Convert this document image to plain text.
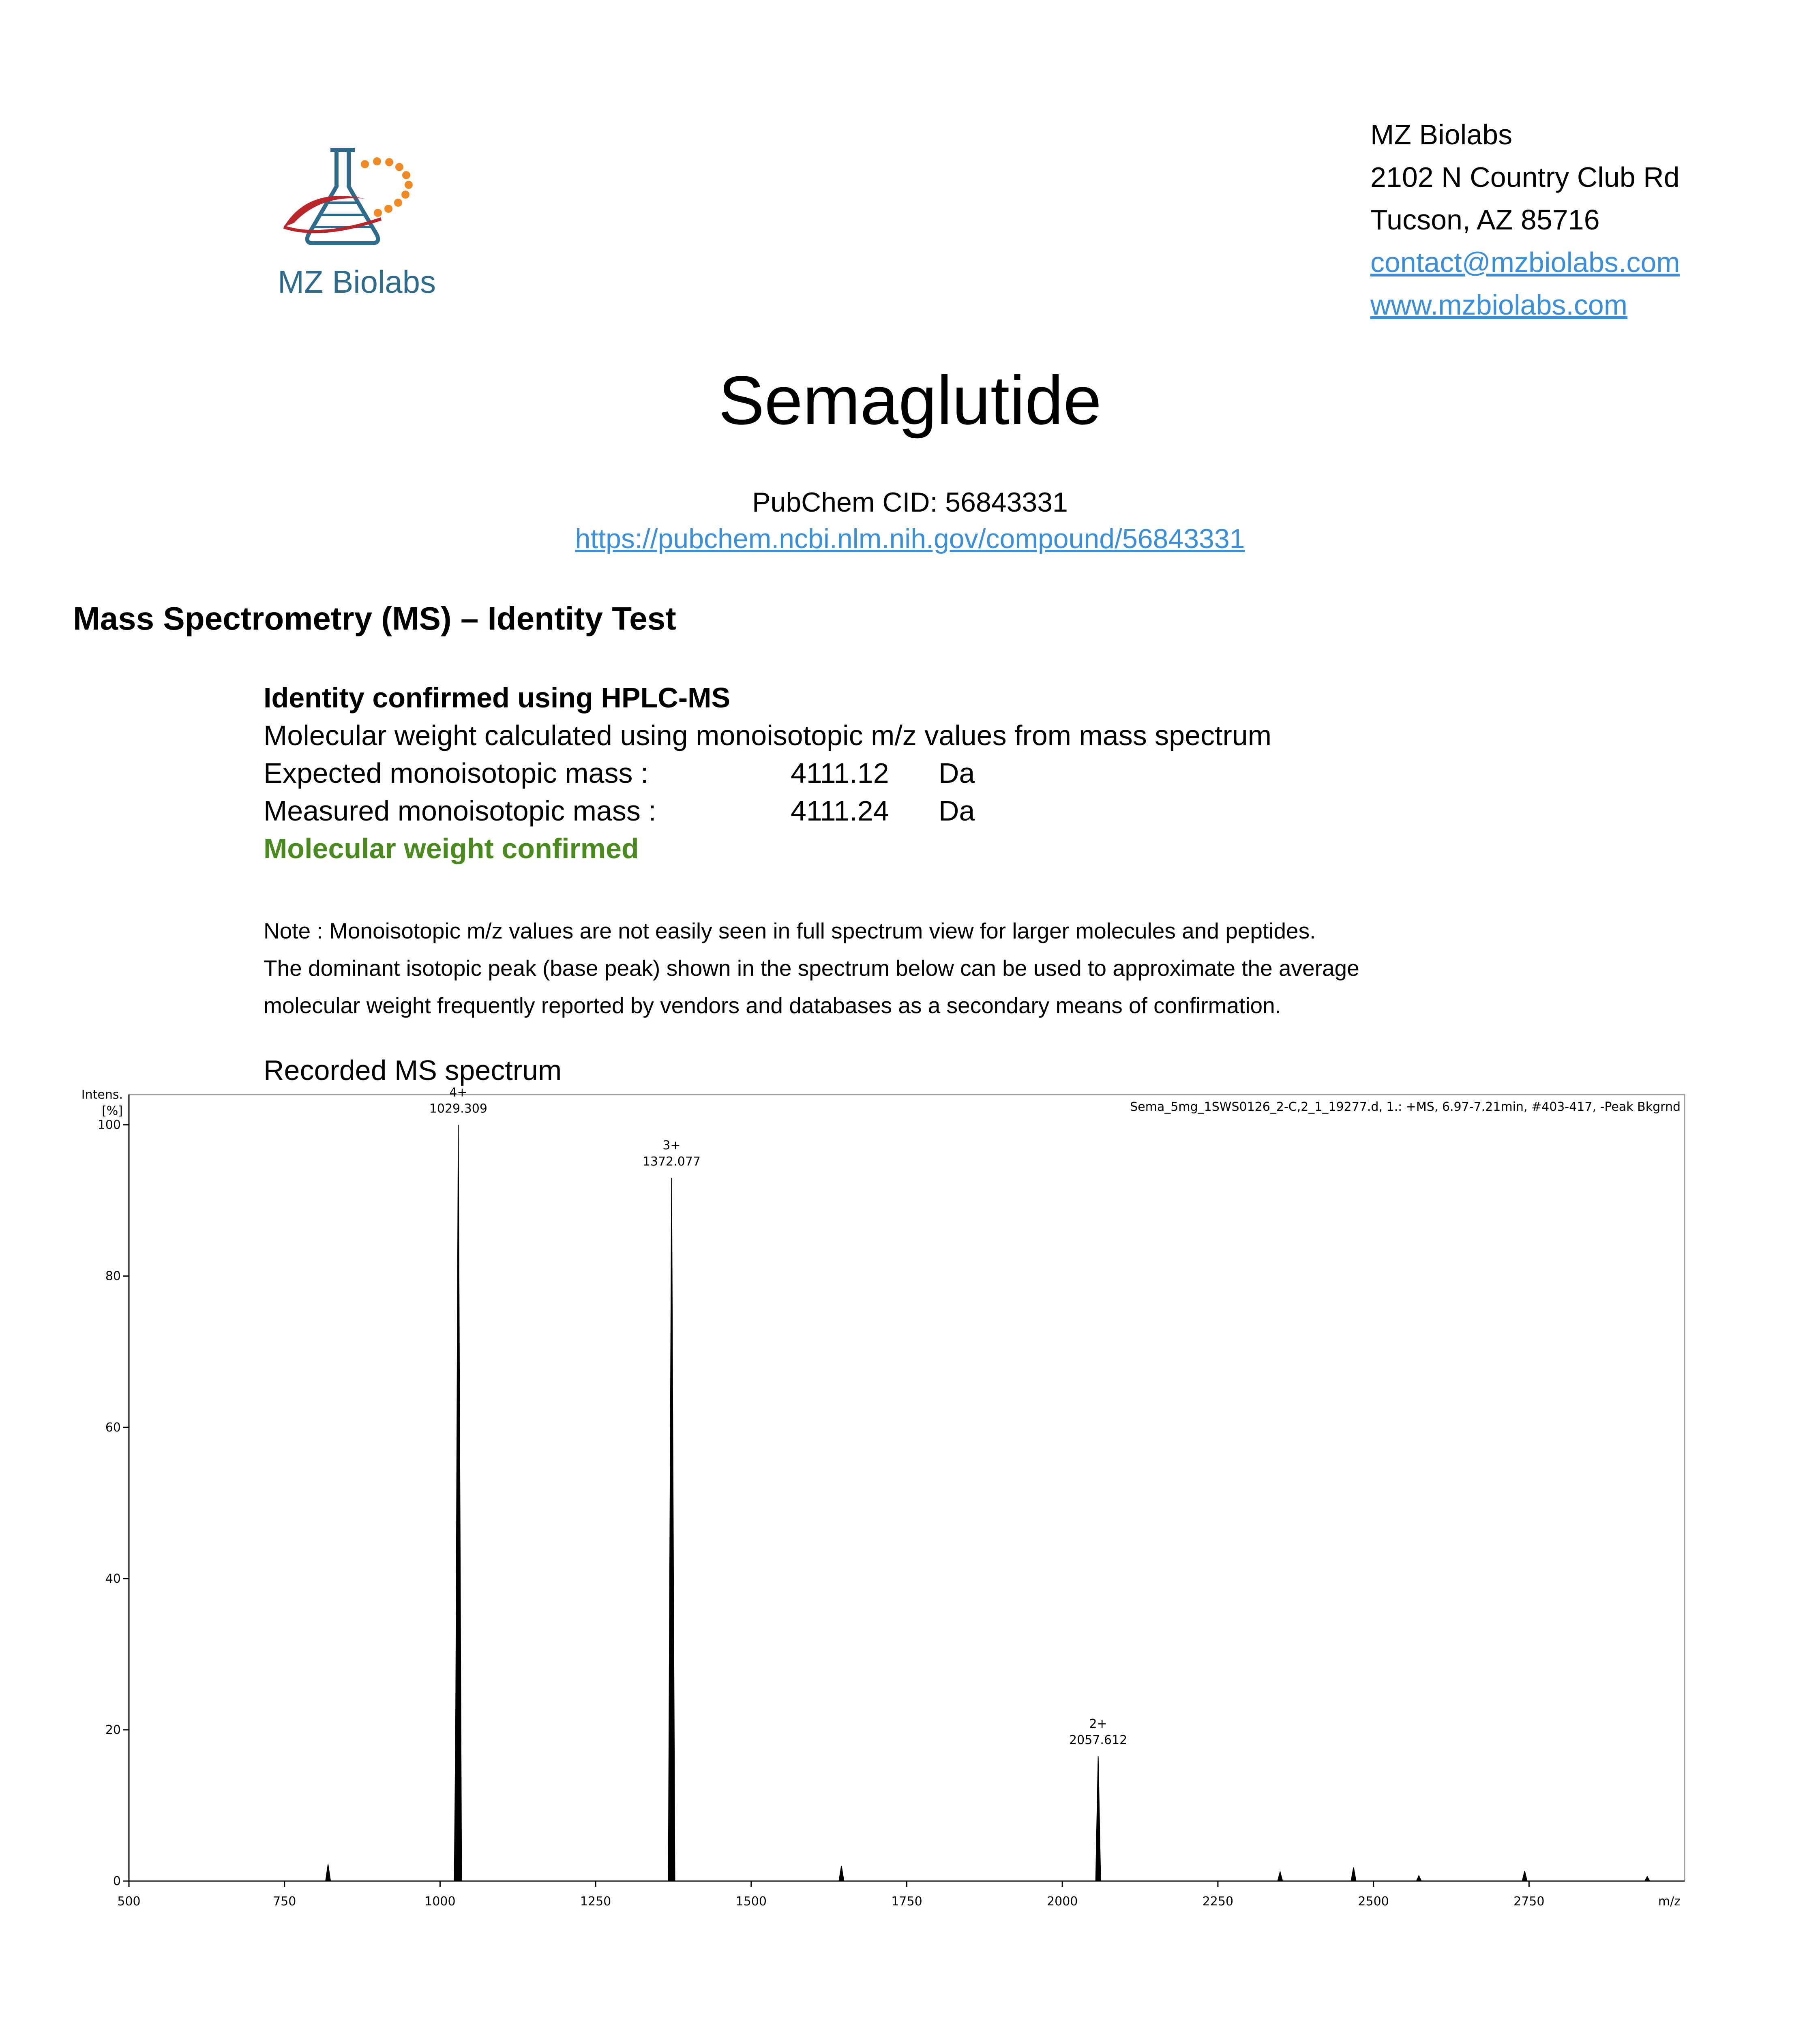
MZ Biolabs
MZ Biolabs
2102 N Country Club Rd
Tucson, AZ 85716
contact@mzbiolabs.com
www.mzbiolabs.com
Semaglutide
PubChem CID: 56843331
https://pubchem.ncbi.nlm.nih.gov/compound/56843331
Mass Spectrometry (MS) – Identity Test
Identity confirmed using HPLC-MS
Molecular weight calculated using monoisotopic m/z values from mass spectrum
Expected monoisotopic mass :	4111.12 Da
Measured monoisotopic mass :	4111.24 Da
Molecular weight confirmed
Note : Monoisotopic m/z values are not easily seen in full spectrum view for larger molecules and peptides.
The dominant isotopic peak (base peak) shown in the spectrum below can be used to approximate the average
molecular weight frequently reported by vendors and databases as a secondary means of confirmation.
Recorded MS spectrum
Sema_5mg_1SWS0126_2-C,2_1_19277.d, 1.: +MS, 6.97-7.21min, #403-417, -Peak Bkgrnd
Intens.
[%]
m/z
500	750	1000	1250	1500	1750	2000	2250	2500	2750
0
20
40
60
80
100
4+
1029.309
3+
1372.077
2+
2057.612
